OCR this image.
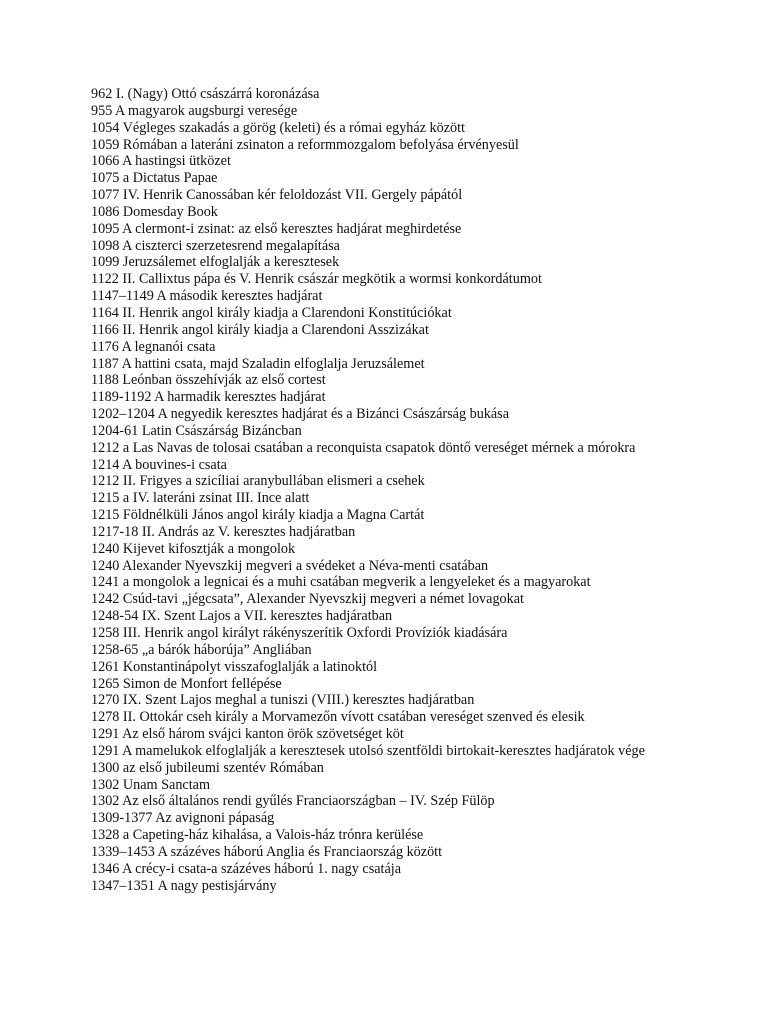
962 I. (Nagy) Ottó császárrá koronázása
955 A magyarok augsburgi veresége
1054 Végleges szakadás a görög (keleti) és a római egyház között
1059 Rómában a lateráni zsinaton a reformmozgalom befolyása érvényesül
1066 A hastingsi ütközet
1075 a Dictatus Papae
1077 IV. Henrik Canossában kér feloldozást VII. Gergely pápától
1086 Domesday Book
1095 A clermont-i zsinat: az első keresztes hadjárat meghirdetése
1098 A ciszterci szerzetesrend megalapítása
1099 Jeruzsálemet elfoglalják a keresztesek
1122 II. Callixtus pápa és V. Henrik császár megkötik a wormsi konkordátumot
1147–1149 A második keresztes hadjárat
1164 II. Henrik angol király kiadja a Clarendoni Konstitúciókat
1166 II. Henrik angol király kiadja a Clarendoni Asszizákat
1176 A legnanói csata
1187 A hattini csata, majd Szaladin elfoglalja Jeruzsálemet
1188 Leónban összehívják az első cortest
1189-1192 A harmadik keresztes hadjárat
1202–1204 A negyedik keresztes hadjárat és a Bizánci Császárság bukása
1204-61 Latin Császárság Bizáncban
1212 a Las Navas de tolosai csatában a reconquista csapatok döntő vereséget mérnek a mórokra
1214 A bouvines-i csata
1212 II. Frigyes a szicíliai aranybullában elismeri a csehek
1215 a IV. lateráni zsinat III. Ince alatt
1215 Földnélküli János angol király kiadja a Magna Cartát
1217-18 II. András az V. keresztes hadjáratban
1240 Kijevet kifosztják a mongolok
1240 Alexander Nyevszkij megveri a svédeket a Néva-menti csatában
1241 a mongolok a legnicai és a muhi csatában megverik a lengyeleket és a magyarokat
1242 Csúd-tavi „jégcsata”, Alexander Nyevszkij megveri a német lovagokat
1248-54 IX. Szent Lajos a VII. keresztes hadjáratban
1258 III. Henrik angol királyt rákényszerítik Oxfordi Províziók kiadására
1258-65 „a bárók háborúja” Angliában
1261 Konstantinápolyt visszafoglalják a latinoktól
1265 Simon de Monfort fellépése
1270 IX. Szent Lajos meghal a tuniszi (VIII.) keresztes hadjáratban
1278 II. Ottokár cseh király a Morvamezőn vívott csatában vereséget szenved és elesik
1291 Az első három svájci kanton örök szövetséget köt
1291 A mamelukok elfoglalják a keresztesek utolsó szentföldi birtokait-keresztes hadjáratok vége
1300 az első jubileumi szentév Rómában
1302 Unam Sanctam
1302 Az első általános rendi gyűlés Franciaországban – IV. Szép Fülöp
1309-1377 Az avignoni pápaság
1328 a Capeting-ház kihalása, a Valois-ház trónra kerülése
1339–1453 A százéves háború Anglia és Franciaország között
1346 A crécy-i csata-a százéves háború 1. nagy csatája
1347–1351 A nagy pestisjárvány
